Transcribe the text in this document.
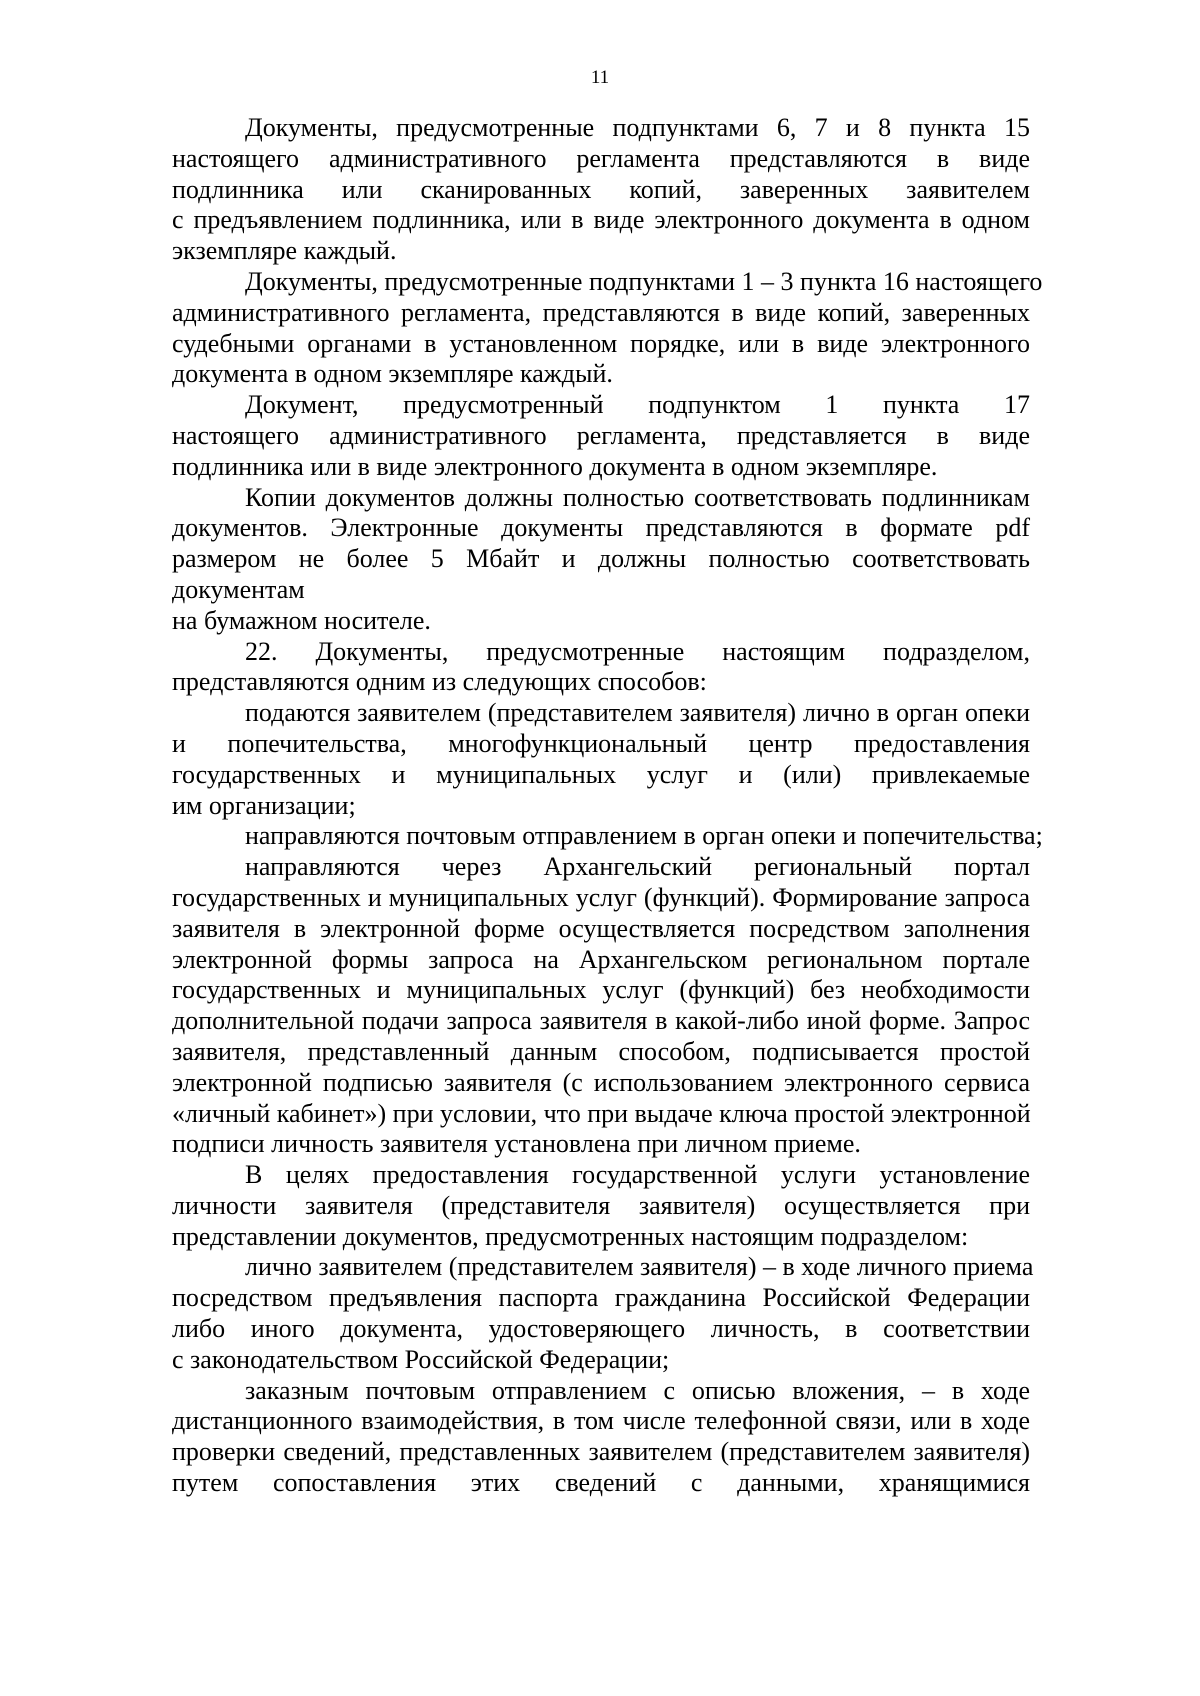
11
Документы, предусмотренные подпунктами 6, 7 и 8 пункта 15
настоящего административного регламента представляются в виде
подлинника или сканированных копий, заверенных заявителем
с предъявлением подлинника, или в виде электронного документа в одном
экземпляре каждый.
Документы, предусмотренные подпунктами 1 – 3 пункта 16 настоящего
административного регламента, представляются в виде копий, заверенных
судебными органами в установленном порядке, или в виде электронного
документа в одном экземпляре каждый.
Документ, предусмотренный подпунктом 1 пункта 17
настоящего административного регламента, представляется в виде
подлинника или в виде электронного документа в одном экземпляре.
Копии документов должны полностью соответствовать подлинникам
документов. Электронные документы представляются в формате pdf
размером не более 5 Мбайт и должны полностью соответствовать
документам
на бумажном носителе.
22. Документы, предусмотренные настоящим подразделом,
представляются одним из следующих способов:
подаются заявителем (представителем заявителя) лично в орган опеки
и попечительства, многофункциональный центр предоставления
государственных и муниципальных услуг и (или) привлекаемые
им организации;
направляются почтовым отправлением в орган опеки и попечительства;
направляются через Архангельский региональный портал
государственных и муниципальных услуг (функций). Формирование запроса
заявителя в электронной форме осуществляется посредством заполнения
электронной формы запроса на Архангельском региональном портале
государственных и муниципальных услуг (функций) без необходимости
дополнительной подачи запроса заявителя в какой-либо иной форме. Запрос
заявителя, представленный данным способом, подписывается простой
электронной подписью заявителя (с использованием электронного сервиса
«личный кабинет») при условии, что при выдаче ключа простой электронной
подписи личность заявителя установлена при личном приеме.
В целях предоставления государственной услуги установление
личности заявителя (представителя заявителя) осуществляется при
представлении документов, предусмотренных настоящим подразделом:
лично заявителем (представителем заявителя) – в ходе личного приема
посредством предъявления паспорта гражданина Российской Федерации
либо иного документа, удостоверяющего личность, в соответствии
с законодательством Российской Федерации;
заказным почтовым отправлением с описью вложения, – в ходе
дистанционного взаимодействия, в том числе телефонной связи, или в ходе
проверки сведений, представленных заявителем (представителем заявителя)
путем сопоставления этих сведений с данными, хранящимися
